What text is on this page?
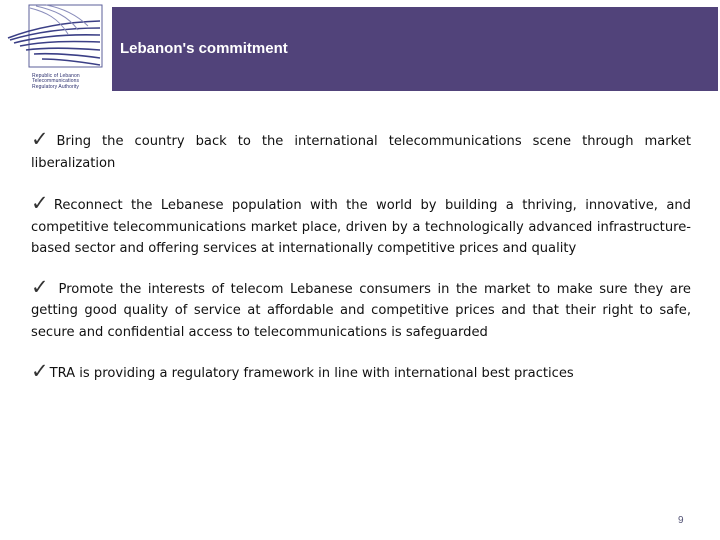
Republic of Lebanon
Telecommunications
Regulatory Authority
Lebanon's commitment

✓Bring the country back to the international telecommunications scene through market liberalization

✓Reconnect the Lebanese population with the world by building a thriving, innovative, and competitive telecommunications market place, driven by a technologically advanced infrastructure-based sector and offering services at internationally competitive prices and quality

✓ Promote the interests of telecom Lebanese consumers in the market to make sure they are getting good quality of service at affordable and competitive prices and that their right to safe, secure and confidential access to telecommunications is safeguarded

✓TRA is providing a regulatory framework in line with international best practices

9
